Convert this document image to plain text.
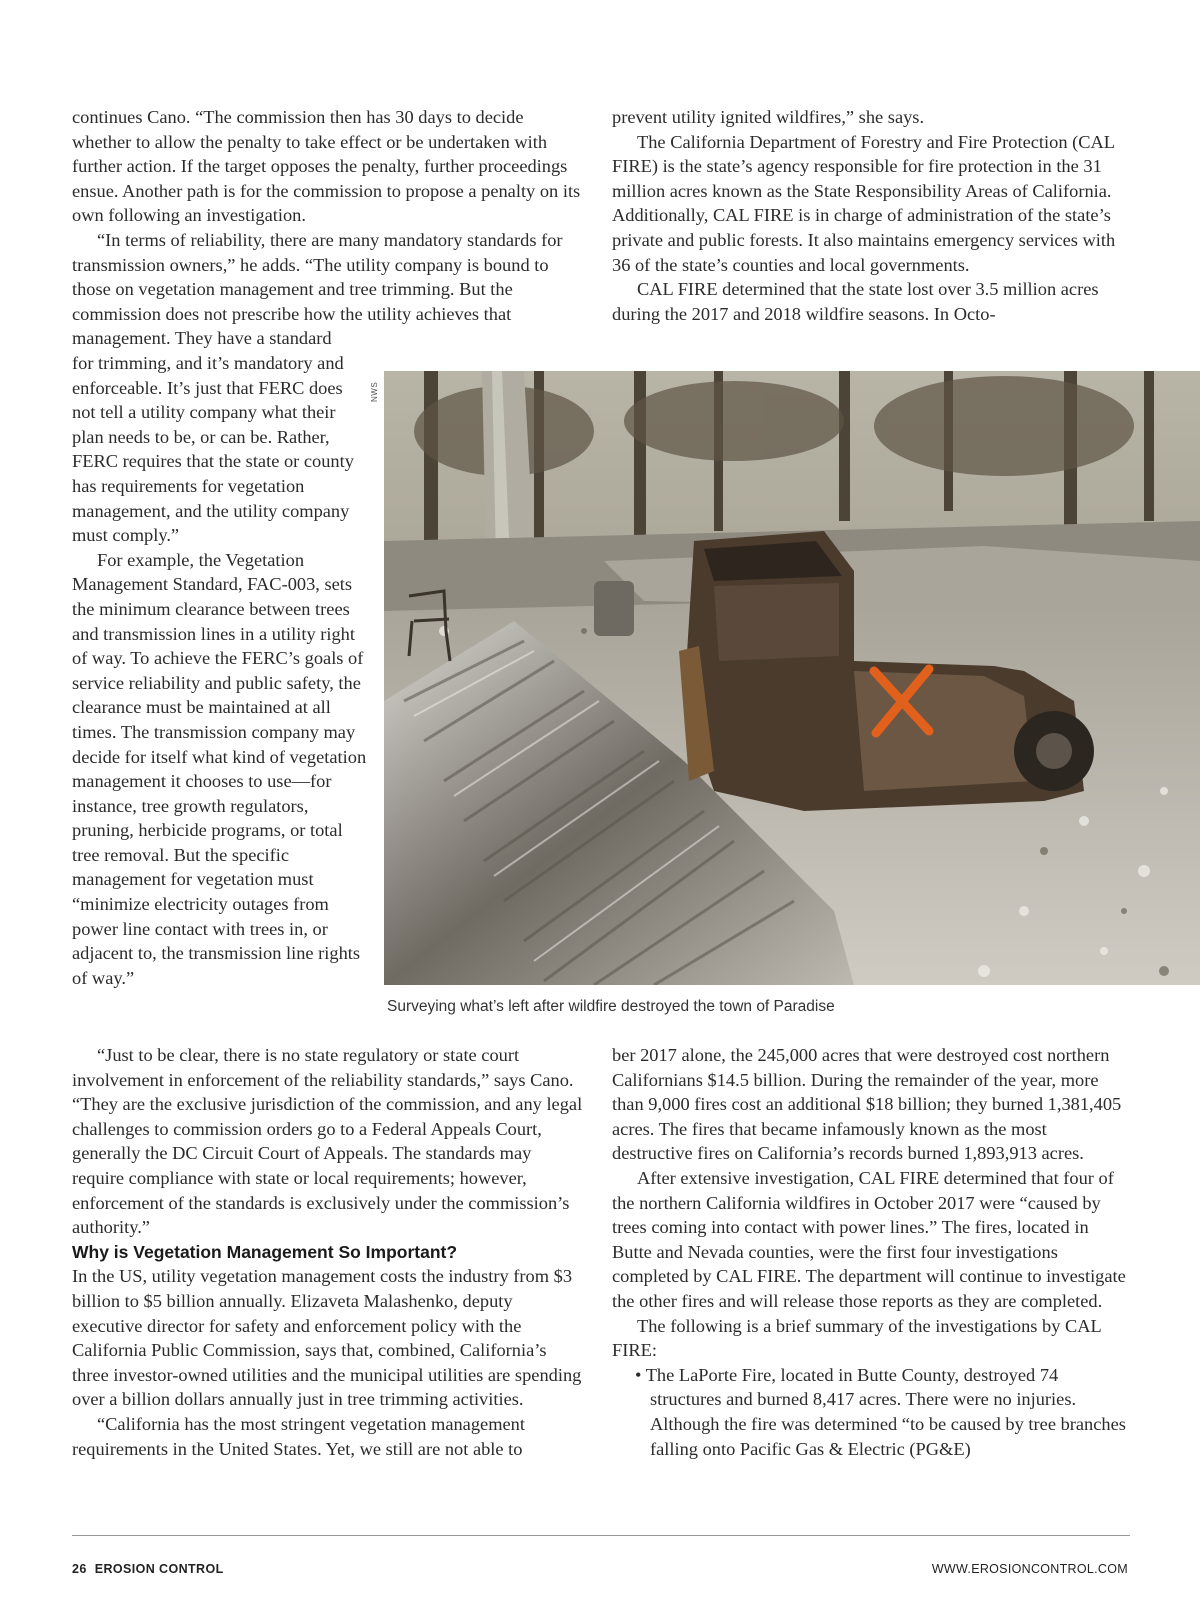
continues Cano. “The commission then has 30 days to decide whether to allow the penalty to take effect or be undertaken with further action. If the target opposes the penalty, further proceedings ensue. Another path is for the commission to propose a penalty on its own following an investigation.

“In terms of reliability, there are many mandatory standards for transmission owners,” he adds. “The utility company is bound to those on vegetation management and tree trimming. But the commission does not prescribe how the utility achieves that management. They have a standard

for trimming, and it’s mandatory and enforceable. It’s just that FERC does not tell a utility company what their plan needs to be, or can be. Rather, FERC requires that the state or county has requirements for vegetation management, and the utility company must comply.”

For example, the Vegetation Management Standard, FAC-003, sets the minimum clearance between trees and transmission lines in a utility right of way. To achieve the FERC’s goals of service reliability and public safety, the clearance must be maintained at all times. The transmission company may decide for itself what kind of vegetation management it chooses to use—for instance, tree growth regulators, pruning, herbicide programs, or total tree removal. But the specific management for vegetation must “minimize electricity outages from power line contact with trees in, or adjacent to, the transmission line rights of way.”

“Just to be clear, there is no state regulatory or state court involvement in enforcement of the reliability standards,” says Cano. “They are the exclusive jurisdiction of the commission, and any legal challenges to commission orders go to a Federal Appeals Court, generally the DC Circuit Court of Appeals. The standards may require compliance with state or local requirements; however, enforcement of the standards is exclusively under the commission’s authority.”

Why is Vegetation Management So Important?

In the US, utility vegetation management costs the industry from $3 billion to $5 billion annually. Elizaveta Malashenko, deputy executive director for safety and enforcement policy with the California Public Commission, says that, combined, California’s three investor-owned utilities and the municipal utilities are spending over a billion dollars annually just in tree trimming activities.

“California has the most stringent vegetation management requirements in the United States. Yet, we still are not able to

prevent utility ignited wildfires,” she says.

The California Department of Forestry and Fire Protection (CAL FIRE) is the state’s agency responsible for fire protection in the 31 million acres known as the State Responsibility Areas of California. Additionally, CAL FIRE is in charge of administration of the state’s private and public forests. It also maintains emergency services with 36 of the state’s counties and local governments.

CAL FIRE determined that the state lost over 3.5 million acres during the 2017 and 2018 wildfire seasons. In Octo-

NWS
Surveying what’s left after wildfire destroyed the town of Paradise

ber 2017 alone, the 245,000 acres that were destroyed cost northern Californians $14.5 billion. During the remainder of the year, more than 9,000 fires cost an additional $18 billion; they burned 1,381,405 acres. The fires that became infamously known as the most destructive fires on California’s records burned 1,893,913 acres.

After extensive investigation, CAL FIRE determined that four of the northern California wildfires in October 2017 were “caused by trees coming into contact with power lines.” The fires, located in Butte and Nevada counties, were the first four investigations completed by CAL FIRE. The department will continue to investigate the other fires and will release those reports as they are completed.

The following is a brief summary of the investigations by CAL FIRE:

• The LaPorte Fire, located in Butte County, destroyed 74 structures and burned 8,417 acres. There were no injuries. Although the fire was determined “to be caused by tree branches falling onto Pacific Gas & Electric (PG&E)

26 EROSION CONTROL	WWW.EROSIONCONTROL.COM
